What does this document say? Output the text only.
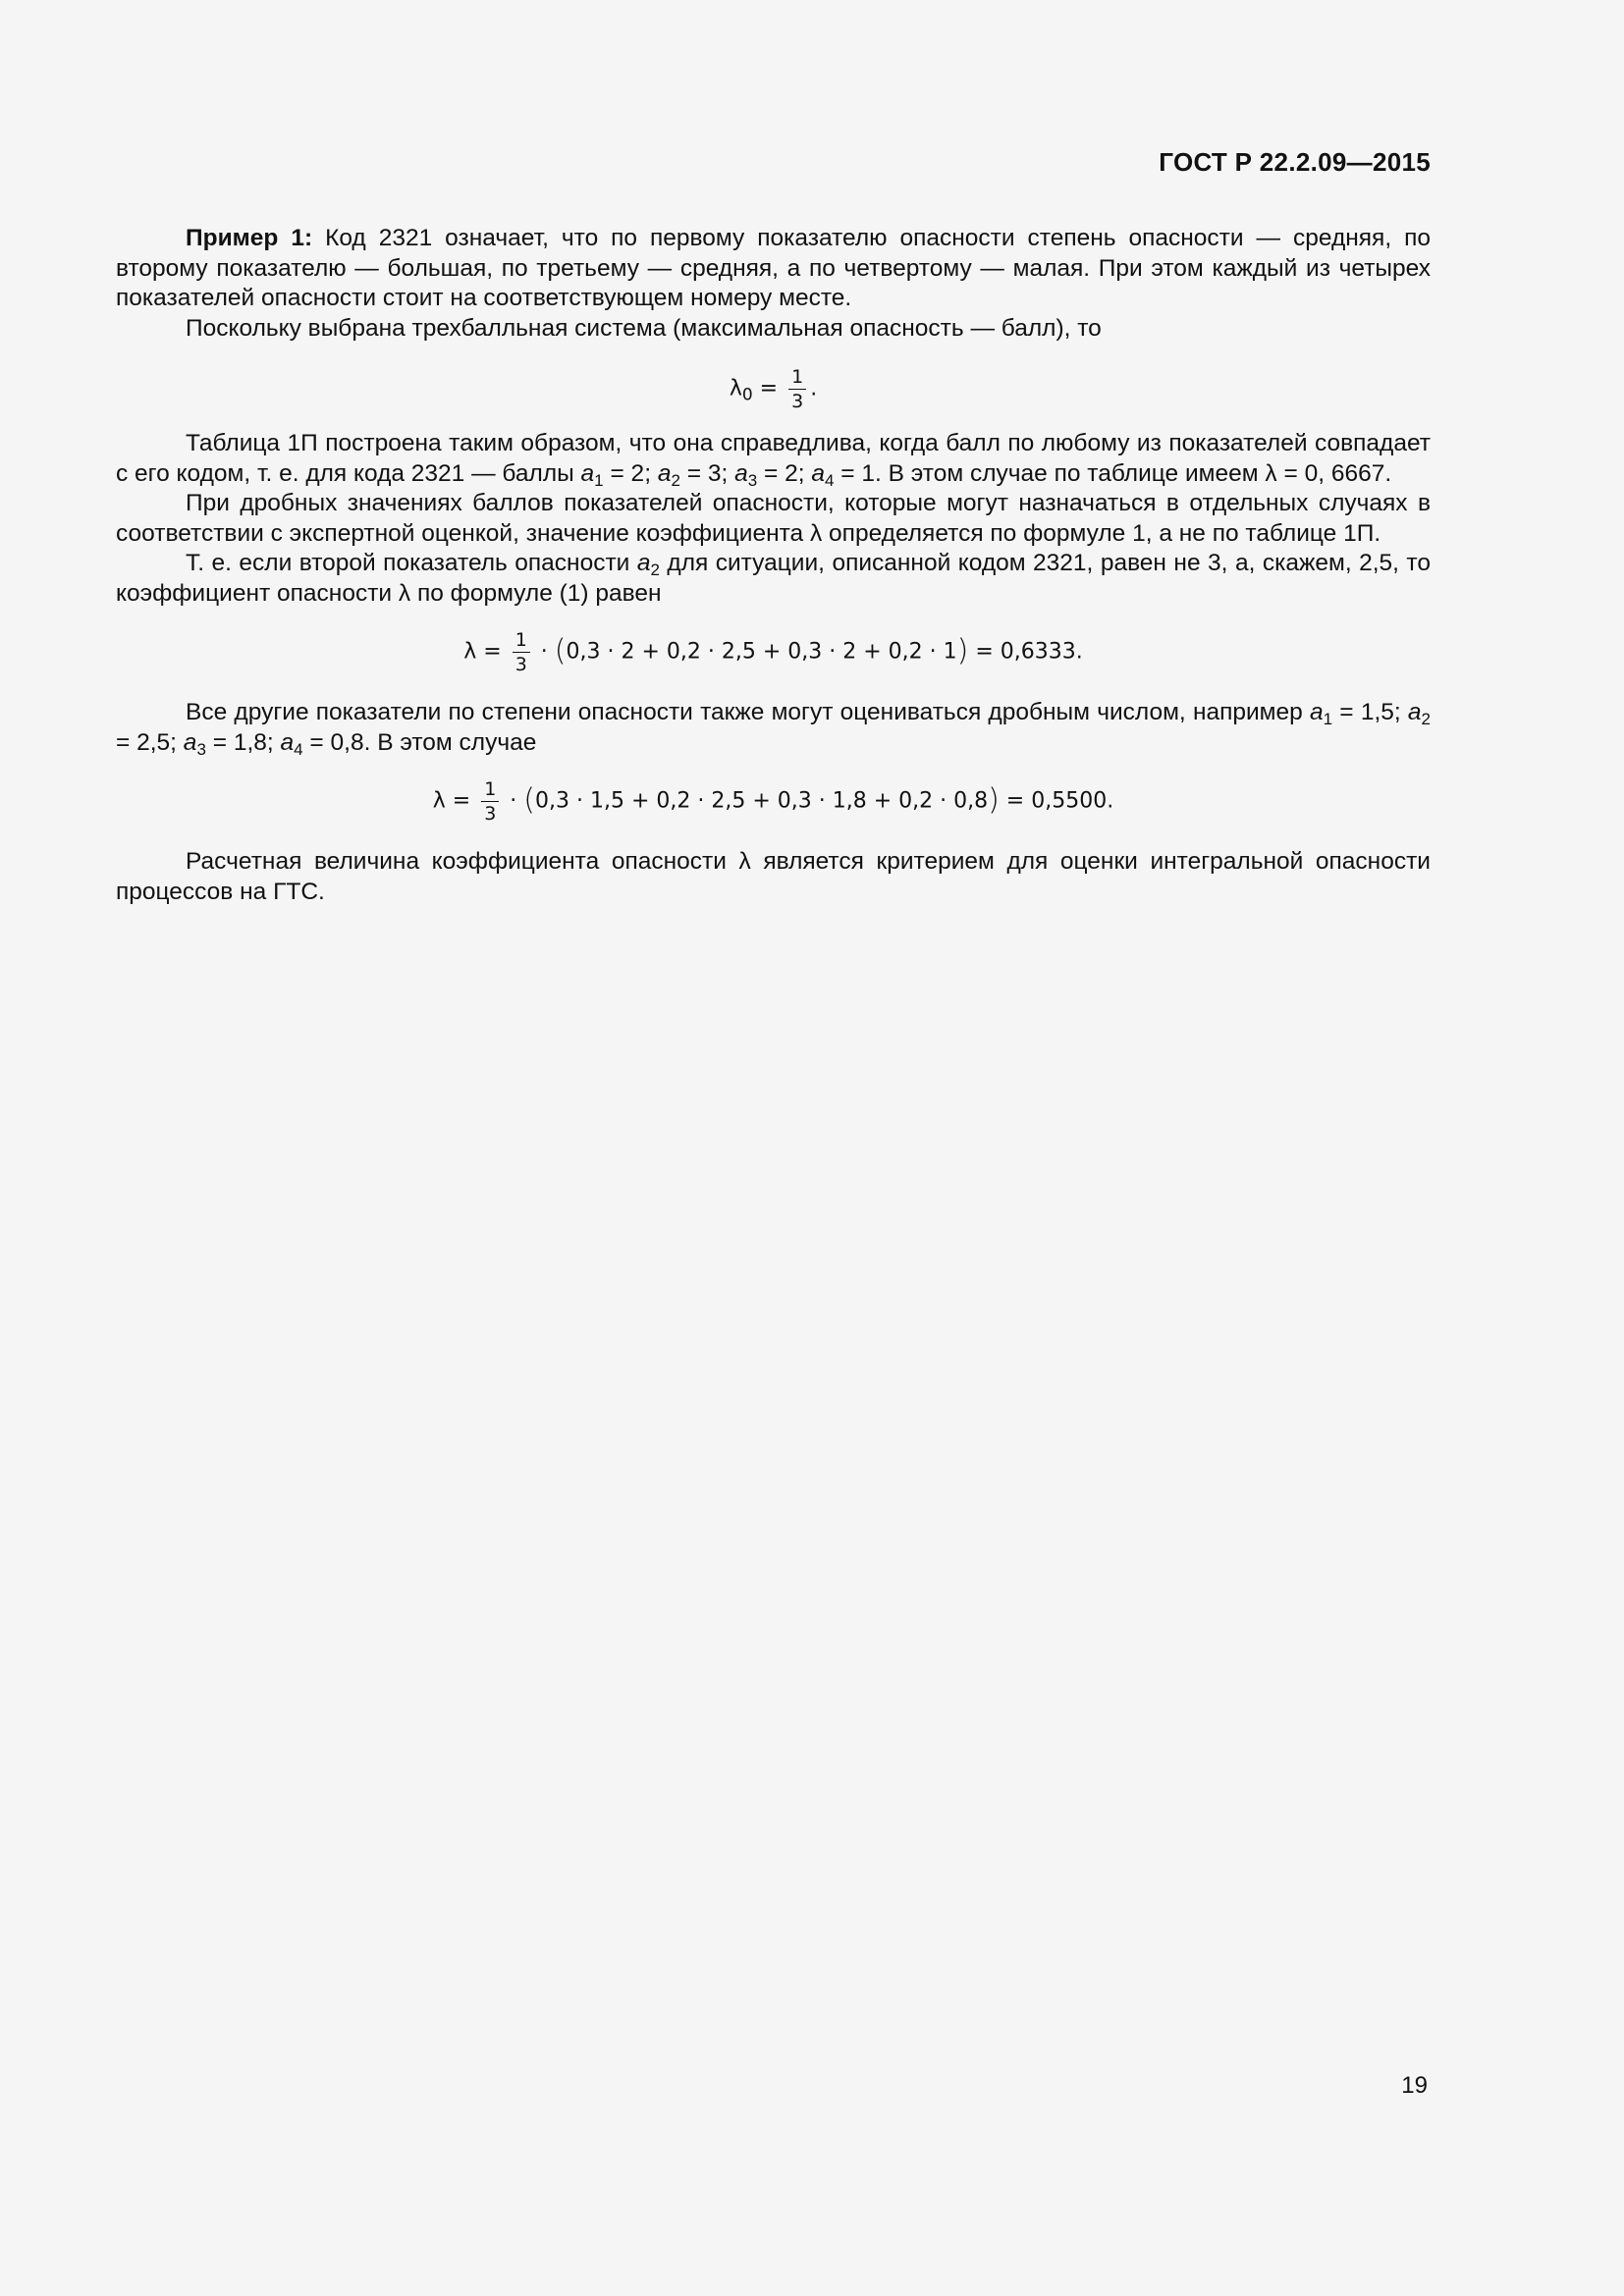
ГОСТ Р 22.2.09—2015

Пример 1: Код 2321 означает, что по первому показателю опасности степень опасности — средняя, по второму показателю — большая, по третьему — средняя, а по четвертому — малая. При этом каждый из четырех показателей опасности стоит на соответствующем номеру месте.

Поскольку выбрана трехбалльная система (максимальная опасность — балл), то

$\lambda_0 = \frac{1}{3}$ .

Таблица 1П построена таким образом, что она справедлива, когда балл по любому из показателей совпадает с его кодом, т. е. для кода 2321 — баллы $a_1 = 2$; $a_2 = 3$; $a_3 = 2$; $a_4 = 1$. В этом случае по таблице имеем λ = 0, 6667.

При дробных значениях баллов показателей опасности, которые могут назначаться в отдельных случаях в соответствии с экспертной оценкой, значение коэффициента λ определяется по формуле 1, а не по таблице 1П.

Т. е. если второй показатель опасности $a_2$ для ситуации, описанной кодом 2321, равен не 3, а, скажем, 2,5, то коэффициент опасности λ по формуле (1) равен

$\lambda = \frac{1}{3} \cdot (0,3 \cdot 2 + 0,2 \cdot 2,5 + 0,3 \cdot 2 + 0,2 \cdot 1) = 0,6333$.

Все другие показатели по степени опасности также могут оцениваться дробным числом, например $a_1 = 1,5$; $a_2 = 2,5$; $a_3 = 1,8$; $a_4 = 0,8$. В этом случае

$\lambda = \frac{1}{3} \cdot (0,3 \cdot 1,5 + 0,2 \cdot 2,5 + 0,3 \cdot 1,8 + 0,2 \cdot 0,8) = 0,5500$.

Расчетная величина коэффициента опасности λ является критерием для оценки интегральной опасности процессов на ГТС.

19
